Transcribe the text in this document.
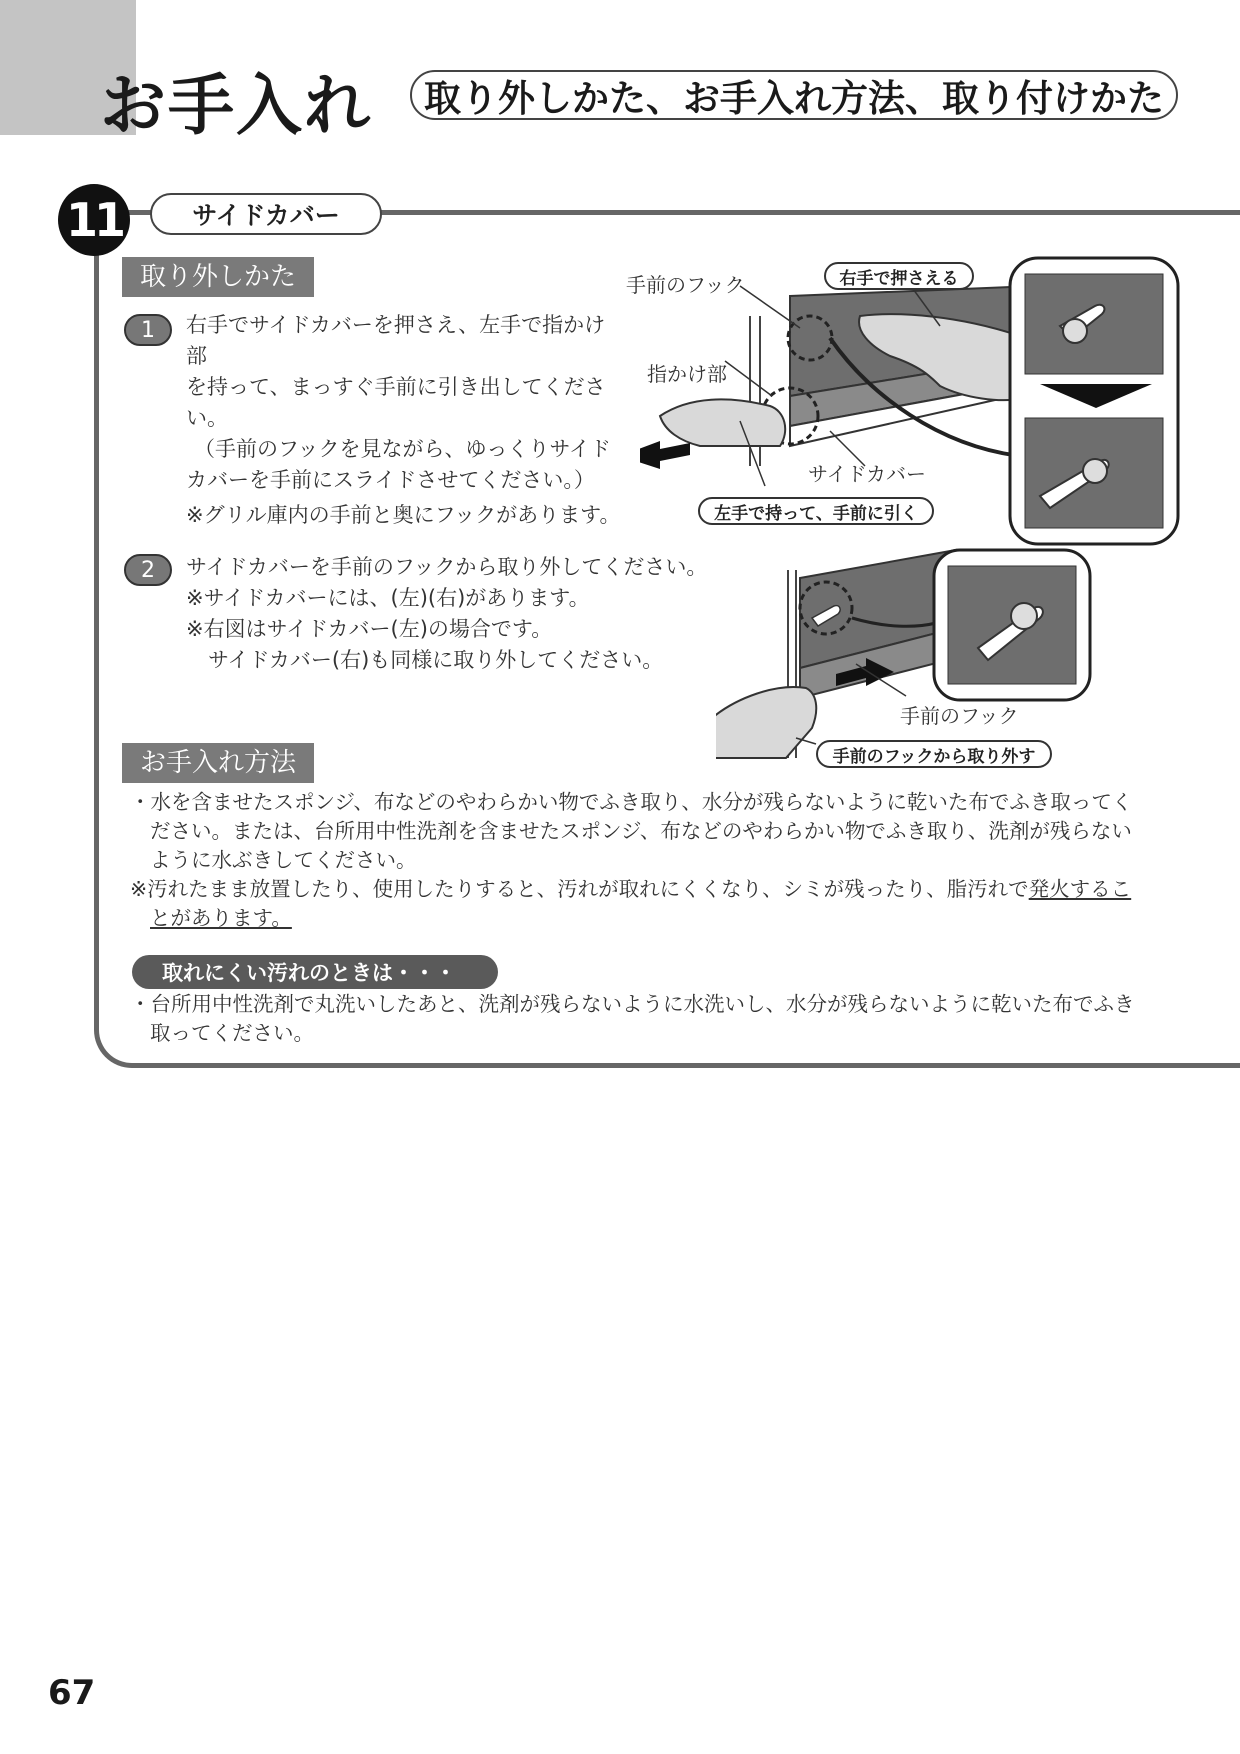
お手入れ	取り外しかた、お手入れ方法、取り付けかた
11	サイドカバー
取り外しかた
1	右手でサイドカバーを押さえ、左手で指かけ部

を持って、まっすぐ手前に引き出してください。

（手前のフックを見ながら、ゆっくりサイド

カバーを手前にスライドさせてください。）

※グリル庫内の手前と奥にフックがあります。

手前のフック
指かけ部
サイドカバー
右手で押さえる
左手で持って、手前に引く
2	サイドカバーを手前のフックから取り外してください。

※サイドカバーには、(左)(右)があります。

※右図はサイドカバー(左)の場合です。

サイドカバー(右)も同様に取り外してください。

手前のフック
手前のフックから取り外す
お手入れ方法

・水を含ませたスポンジ、布などのやわらかい物でふき取り、水分が残らないように乾いた布でふき取ってく

ださい。または、台所用中性洗剤を含ませたスポンジ、布などのやわらかい物でふき取り、洗剤が残らない

ように水ぶきしてください。

※汚れたまま放置したり、使用したりすると、汚れが取れにくくなり、シミが残ったり、脂汚れで発火するこ

とがあります。

取れにくい汚れのときは・・・

・台所用中性洗剤で丸洗いしたあと、洗剤が残らないように水洗いし、水分が残らないように乾いた布でふき

取ってください。

67
